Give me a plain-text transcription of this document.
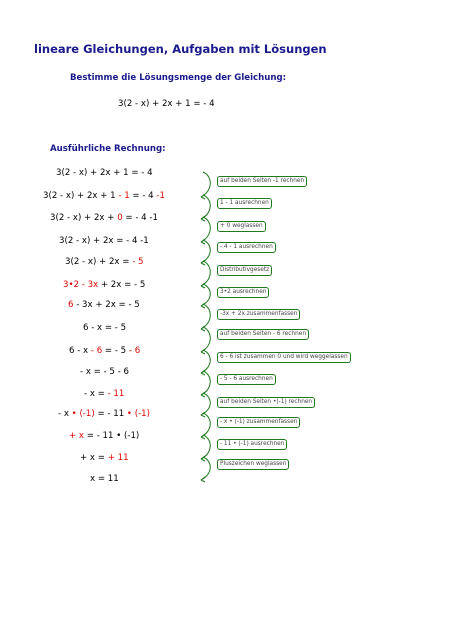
lineare Gleichungen, Aufgaben mit Lösungen
Bestimme die Lösungsmenge der Gleichung:
3(2 - x) + 2x + 1 = - 4
Ausführliche Rechnung:
3(2 - x) + 2x + 1 = - 4
3(2 - x) + 2x + 1 - 1 = - 4 -1
3(2 - x) + 2x + 0 = - 4 -1
3(2 - x) + 2x = - 4 -1
3(2 - x) + 2x = - 5
3•2 - 3x + 2x = - 5
6 - 3x + 2x = - 5
6 - x = - 5
6 - x - 6 = - 5 - 6
- x = - 5 - 6
- x = - 11
- x • (-1) = - 11 • (-1)
+ x = - 11 • (-1)
+ x = + 11
x = 11
auf beiden Seiten -1 rechnen
1 - 1 ausrechnen
+ 0 weglassen
- 4 - 1 ausrechnen
Distributivgesetz
3•2 ausrechnen
-3x + 2x zusammenfassen
auf beiden Seiten - 6 rechnen
6 - 6 ist zusammen 0 und wird weggelassen
- 5 - 6 ausrechnen
auf beiden Seiten •(-1) rechnen
- x • (-1) zusammenfassen
- 11 • (-1) ausrechnen
Pluszeichen weglassen
